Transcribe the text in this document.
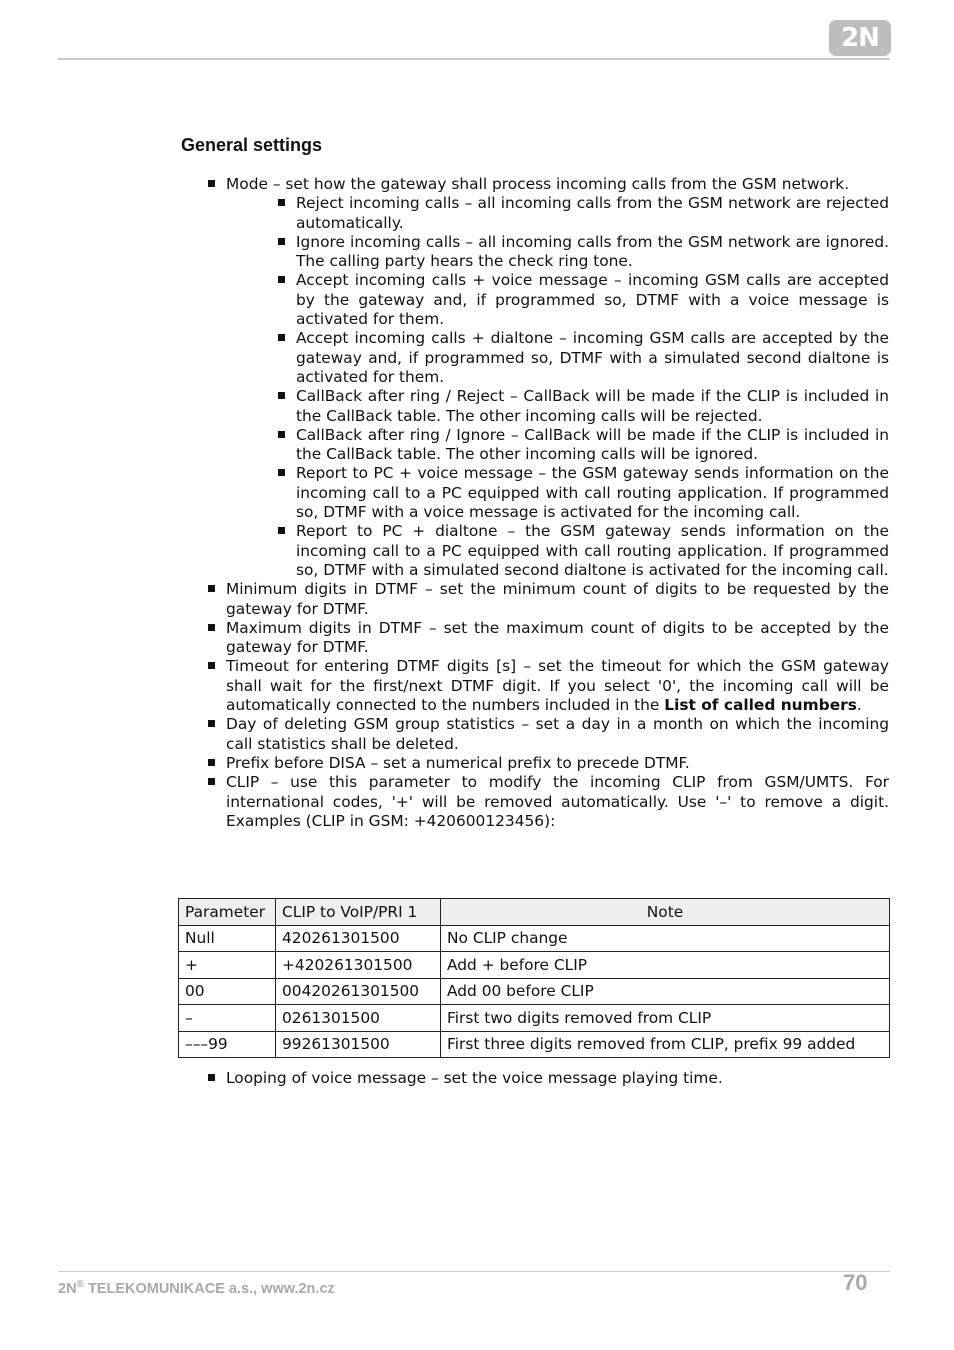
2N
General settings
Mode – set how the gateway shall process incoming calls from the GSM network.
Reject incoming calls – all incoming calls from the GSM network are rejected automatically.
Ignore incoming calls – all incoming calls from the GSM network are ignored. The calling party hears the check ring tone.
Accept incoming calls + voice message – incoming GSM calls are accepted by the gateway and, if programmed so, DTMF with a voice message is activated for them.
Accept incoming calls + dialtone – incoming GSM calls are accepted by the gateway and, if programmed so, DTMF with a simulated second dialtone is activated for them.
CallBack after ring / Reject – CallBack will be made if the CLIP is included in the CallBack table. The other incoming calls will be rejected.
CallBack after ring / Ignore – CallBack will be made if the CLIP is included in the CallBack table. The other incoming calls will be ignored.
Report to PC + voice message – the GSM gateway sends information on the incoming call to a PC equipped with call routing application. If programmed so, DTMF with a voice message is activated for the incoming call.
Report to PC + dialtone – the GSM gateway sends information on the incoming call to a PC equipped with call routing application. If programmed so, DTMF with a simulated second dialtone is activated for the incoming call.
Minimum digits in DTMF – set the minimum count of digits to be requested by the gateway for DTMF.
Maximum digits in DTMF – set the maximum count of digits to be accepted by the gateway for DTMF.
Timeout for entering DTMF digits [s] – set the timeout for which the GSM gateway shall wait for the first/next DTMF digit. If you select '0', the incoming call will be automatically connected to the numbers included in the List of called numbers.
Day of deleting GSM group statistics – set a day in a month on which the incoming call statistics shall be deleted.
Prefix before DISA – set a numerical prefix to precede DTMF.
CLIP – use this parameter to modify the incoming CLIP from GSM/UMTS. For international codes, '+' will be removed automatically. Use '–' to remove a digit. Examples (CLIP in GSM: +420600123456):
Parameter	CLIP to VoIP/PRI 1	Note
Null	420261301500	No CLIP change
+	+420261301500	Add + before CLIP
00	00420261301500	Add 00 before CLIP
–	0261301500	First two digits removed from CLIP
–––99	99261301500	First three digits removed from CLIP, prefix 99 added
Looping of voice message – set the voice message playing time.
2N® TELEKOMUNIKACE a.s., www.2n.cz	70
